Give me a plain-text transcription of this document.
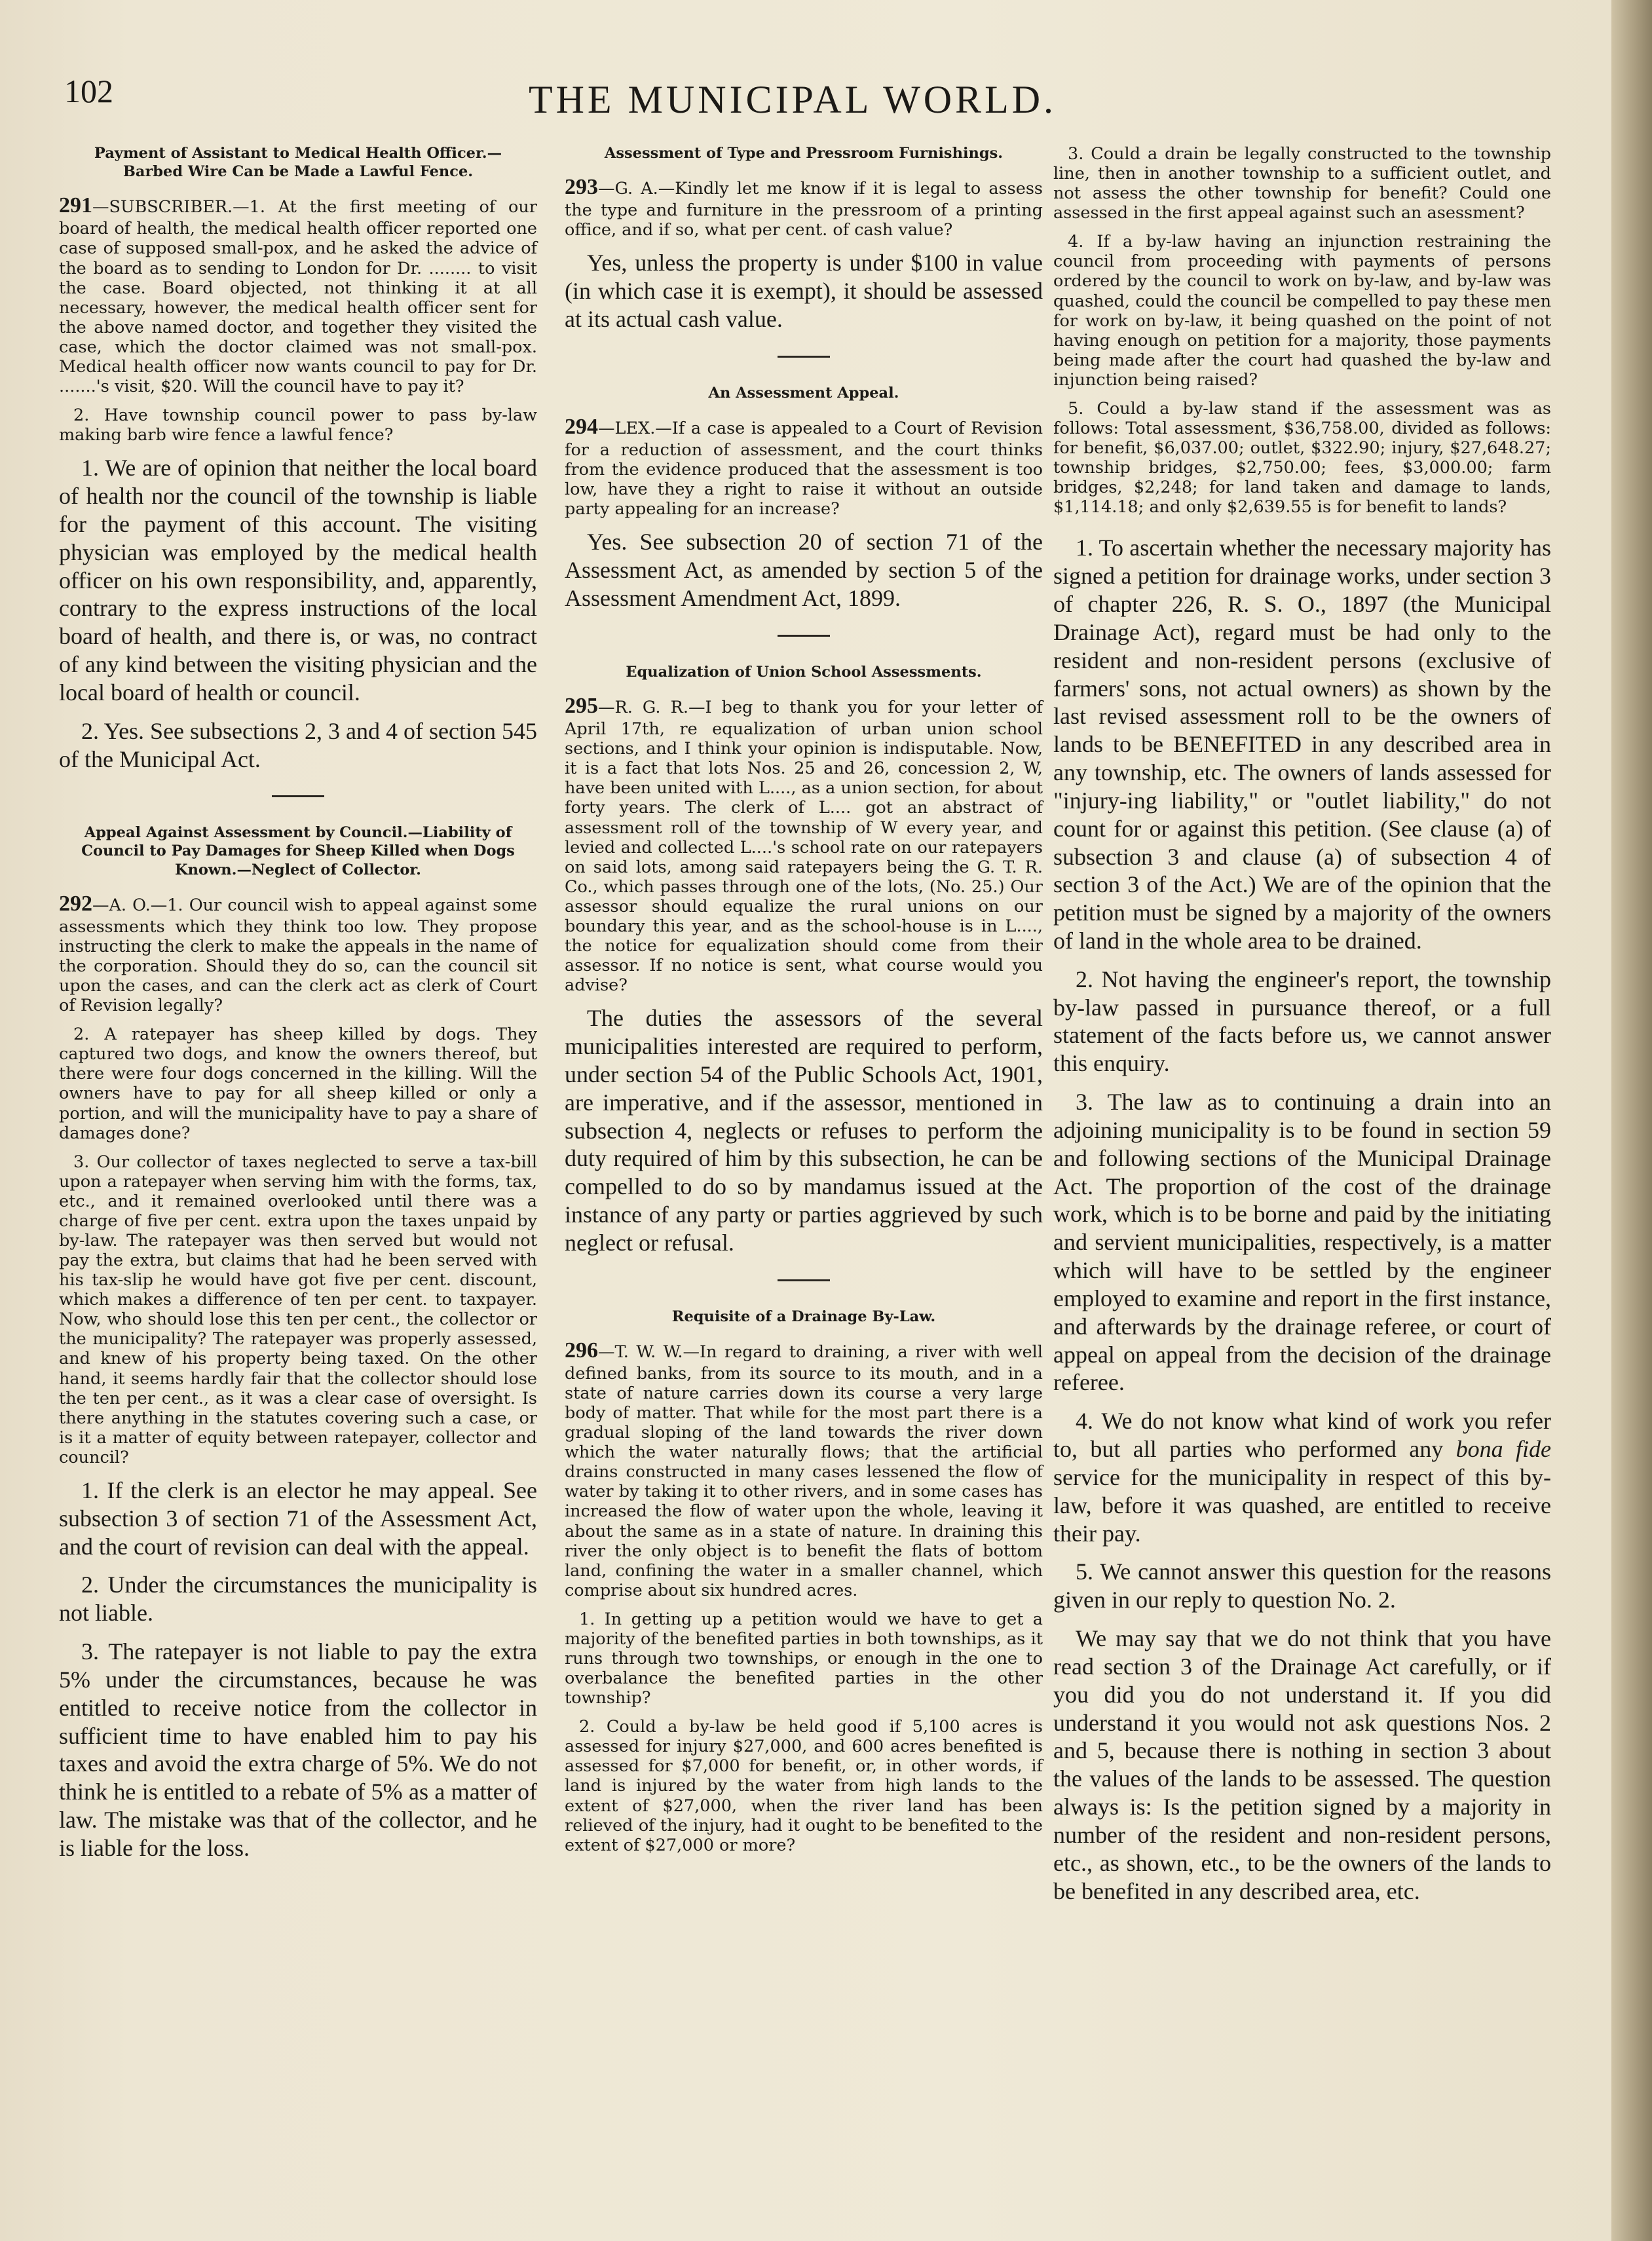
102	THE MUNICIPAL WORLD.
Payment of Assistant to Medical Health Officer.—Barbed Wire Can be Made a Lawful Fence.

291—SUBSCRIBER.—1. At the first meeting of our board of health, the medical health officer reported one case of supposed small-pox, and he asked the advice of the board as to sending to London for Dr. ........ to visit the case. Board objected, not thinking it at all necessary, however, the medical health officer sent for the above named doctor, and together they visited the case, which the doctor claimed was not small-pox. Medical health officer now wants council to pay for Dr. .......'s visit, $20. Will the council have to pay it?

2. Have township council power to pass by-law making barb wire fence a lawful fence?

1. We are of opinion that neither the local board of health nor the council of the township is liable for the payment of this account. The visiting physician was employed by the medical health officer on his own responsibility, and, apparently, contrary to the express instructions of the local board of health, and there is, or was, no contract of any kind between the visiting physician and the local board of health or council.

2. Yes. See subsections 2, 3 and 4 of section 545 of the Municipal Act.

Appeal Against Assessment by Council.—Liability of Council to Pay Damages for Sheep Killed when Dogs Known.—Neglect of Collector.

292—A. O.—1. Our council wish to appeal against some assessments which they think too low. They propose instructing the clerk to make the appeals in the name of the corporation. Should they do so, can the council sit upon the cases, and can the clerk act as clerk of Court of Revision legally?

2. A ratepayer has sheep killed by dogs. They captured two dogs, and know the owners thereof, but there were four dogs concerned in the killing. Will the owners have to pay for all sheep killed or only a portion, and will the municipality have to pay a share of damages done?

3. Our collector of taxes neglected to serve a tax-bill upon a ratepayer when serving him with the forms, tax, etc., and it remained overlooked until there was a charge of five per cent. extra upon the taxes unpaid by by-law. The ratepayer was then served but would not pay the extra, but claims that had he been served with his tax-slip he would have got five per cent. discount, which makes a difference of ten per cent. to taxpayer. Now, who should lose this ten per cent., the collector or the municipality? The ratepayer was properly assessed, and knew of his property being taxed. On the other hand, it seems hardly fair that the collector should lose the ten per cent., as it was a clear case of oversight. Is there anything in the statutes covering such a case, or is it a matter of equity between ratepayer, collector and council?

1. If the clerk is an elector he may appeal. See subsection 3 of section 71 of the Assessment Act, and the court of revision can deal with the appeal.

2. Under the circumstances the municipality is not liable.

3. The ratepayer is not liable to pay the extra 5% under the circumstances, because he was entitled to receive notice from the collector in sufficient time to have enabled him to pay his taxes and avoid the extra charge of 5%. We do not think he is entitled to a rebate of 5% as a matter of law. The mistake was that of the collector, and he is liable for the loss.

Assessment of Type and Pressroom Furnishings.

293—G. A.—Kindly let me know if it is legal to assess the type and furniture in the pressroom of a printing office, and if so, what per cent. of cash value?

Yes, unless the property is under $100 in value (in which case it is exempt), it should be assessed at its actual cash value.

An Assessment Appeal.

294—LEX.—If a case is appealed to a Court of Revision for a reduction of assessment, and the court thinks from the evidence produced that the assessment is too low, have they a right to raise it without an outside party appealing for an increase?

Yes. See subsection 20 of section 71 of the Assessment Act, as amended by section 5 of the Assessment Amendment Act, 1899.

Equalization of Union School Assessments.

295—R. G. R.—I beg to thank you for your letter of April 17th, re equalization of urban union school sections, and I think your opinion is indisputable. Now, it is a fact that lots Nos. 25 and 26, concession 2, W, have been united with L...., as a union section, for about forty years. The clerk of L.... got an abstract of assessment roll of the township of W every year, and levied and collected L....'s school rate on our ratepayers on said lots, among said ratepayers being the G. T. R. Co., which passes through one of the lots, (No. 25.) Our assessor should equalize the rural unions on our boundary this year, and as the school-house is in L...., the notice for equalization should come from their assessor. If no notice is sent, what course would you advise?

The duties the assessors of the several municipalities interested are required to perform, under section 54 of the Public Schools Act, 1901, are imperative, and if the assessor, mentioned in subsection 4, neglects or refuses to perform the duty required of him by this subsection, he can be compelled to do so by mandamus issued at the instance of any party or parties aggrieved by such neglect or refusal.

Requisite of a Drainage By-Law.

296—T. W. W.—In regard to draining, a river with well defined banks, from its source to its mouth, and in a state of nature carries down its course a very large body of matter. That while for the most part there is a gradual sloping of the land towards the river down which the water naturally flows; that the artificial drains constructed in many cases lessened the flow of water by taking it to other rivers, and in some cases has increased the flow of water upon the whole, leaving it about the same as in a state of nature. In draining this river the only object is to benefit the flats of bottom land, confining the water in a smaller channel, which comprise about six hundred acres.

1. In getting up a petition would we have to get a majority of the benefited parties in both townships, as it runs through two townships, or enough in the one to overbalance the benefited parties in the other township?

2. Could a by-law be held good if 5,100 acres is assessed for injury $27,000, and 600 acres benefited is assessed for $7,000 for benefit, or, in other words, if land is injured by the water from high lands to the extent of $27,000, when the river land has been relieved of the injury, had it ought to be benefited to the extent of $27,000 or more?

3. Could a drain be legally constructed to the township line, then in another township to a sufficient outlet, and not assess the other township for benefit? Could one assessed in the first appeal against such an asessment?

4. If a by-law having an injunction restraining the council from proceeding with payments of persons ordered by the council to work on by-law, and by-law was quashed, could the council be compelled to pay these men for work on by-law, it being quashed on the point of not having enough on petition for a majority, those payments being made after the court had quashed the by-law and injunction being raised?

5. Could a by-law stand if the assessment was as follows: Total assessment, $36,758.00, divided as follows: for benefit, $6,037.00; outlet, $322.90; injury, $27,648.27; township bridges, $2,750.00; fees, $3,000.00; farm bridges, $2,248; for land taken and damage to lands, $1,114.18; and only $2,639.55 is for benefit to lands?

1. To ascertain whether the necessary majority has signed a petition for drainage works, under section 3 of chapter 226, R. S. O., 1897 (the Municipal Drainage Act), regard must be had only to the resident and non-resident persons (exclusive of farmers' sons, not actual owners) as shown by the last revised assessment roll to be the owners of lands to be BENEFITED in any described area in any township, etc. The owners of lands assessed for "injury-ing liability," or "outlet liability," do not count for or against this petition. (See clause (a) of subsection 3 and clause (a) of subsection 4 of section 3 of the Act.) We are of the opinion that the petition must be signed by a majority of the owners of land in the whole area to be drained.

2. Not having the engineer's report, the township by-law passed in pursuance thereof, or a full statement of the facts before us, we cannot answer this enquiry.

3. The law as to continuing a drain into an adjoining municipality is to be found in section 59 and following sections of the Municipal Drainage Act. The proportion of the cost of the drainage work, which is to be borne and paid by the initiating and servient municipalities, respectively, is a matter which will have to be settled by the engineer employed to examine and report in the first instance, and afterwards by the drainage referee, or court of appeal on appeal from the decision of the drainage referee.

4. We do not know what kind of work you refer to, but all parties who performed any bona fide service for the municipality in respect of this by-law, before it was quashed, are entitled to receive their pay.

5. We cannot answer this question for the reasons given in our reply to question No. 2.

We may say that we do not think that you have read section 3 of the Drainage Act carefully, or if you did you do not understand it. If you did understand it you would not ask questions Nos. 2 and 5, because there is nothing in section 3 about the values of the lands to be assessed. The question always is: Is the petition signed by a majority in number of the resident and non-resident persons, etc., as shown, etc., to be the owners of the lands to be benefited in any described area, etc.
